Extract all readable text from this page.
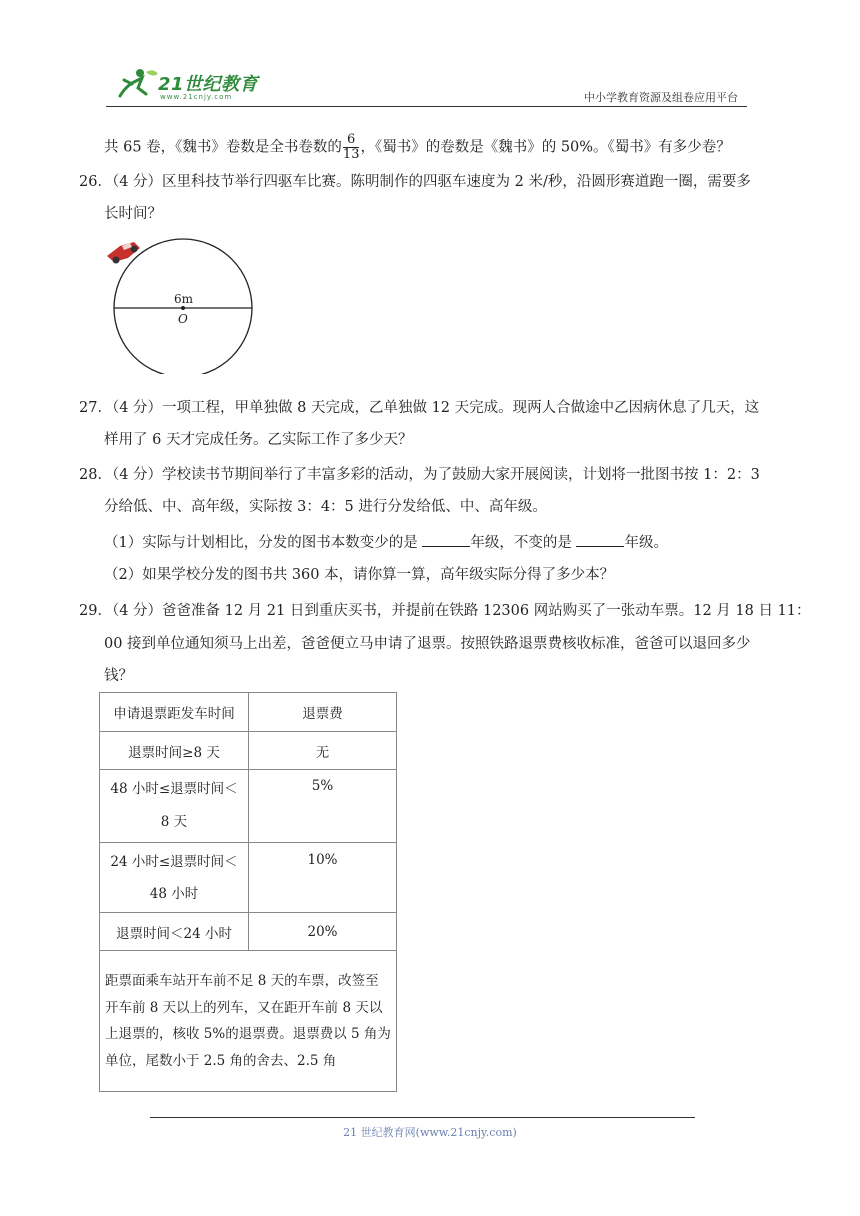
21世纪教育
www.21cnjy.com	中小学教育资源及组卷应用平台
共 65 卷，《魏书》卷数是全书卷数的 $\frac{6}{13}$ ，《蜀书》的卷数是《魏书》的 50%。《蜀书》有多少卷？
26．（4 分）区里科技节举行四驱车比赛。陈明制作的四驱车速度为 2 米/秒，沿圆形赛道跑一圈，需要多
长时间？
6m
O
27．（4 分）一项工程，甲单独做 8 天完成，乙单独做 12 天完成。现两人合做途中乙因病休息了几天，这
样用了 6 天才完成任务。乙实际工作了多少天？
28．（4 分）学校读书节期间举行了丰富多彩的活动，为了鼓励大家开展阅读，计划将一批图书按 1：2：3
分给低、中、高年级，实际按 3：4：5 进行分发给低、中、高年级。
（1）实际与计划相比，分发的图书本数变少的是	年级，不变的是	年级。
（2）如果学校分发的图书共 360 本，请你算一算，高年级实际分得了多少本？
29．（4 分）爸爸准备 12 月 21 日到重庆买书，并提前在铁路 12306 网站购买了一张动车票。12 月 18 日 11：
00 接到单位通知须马上出差，爸爸便立马申请了退票。按照铁路退票费核收标准，爸爸可以退回多少
钱？
申请退票距发车时间	退票费
退票时间≥8 天	无

48 小时≤退票时间＜
8 天	5%

24 小时≤退票时间＜
48 小时	10%
退票时间＜24 小时	20%
距票面乘车站开车前不足 8 天的车票，改签至开车前 8 天以上的列车，又在距开车前 8 天以上退票的，核收 5%的退票费。退票费以 5 角为单位，尾数小于 2.5 角的舍去、2.5 角	
21 世纪教育网(www.21cnjy.com)
